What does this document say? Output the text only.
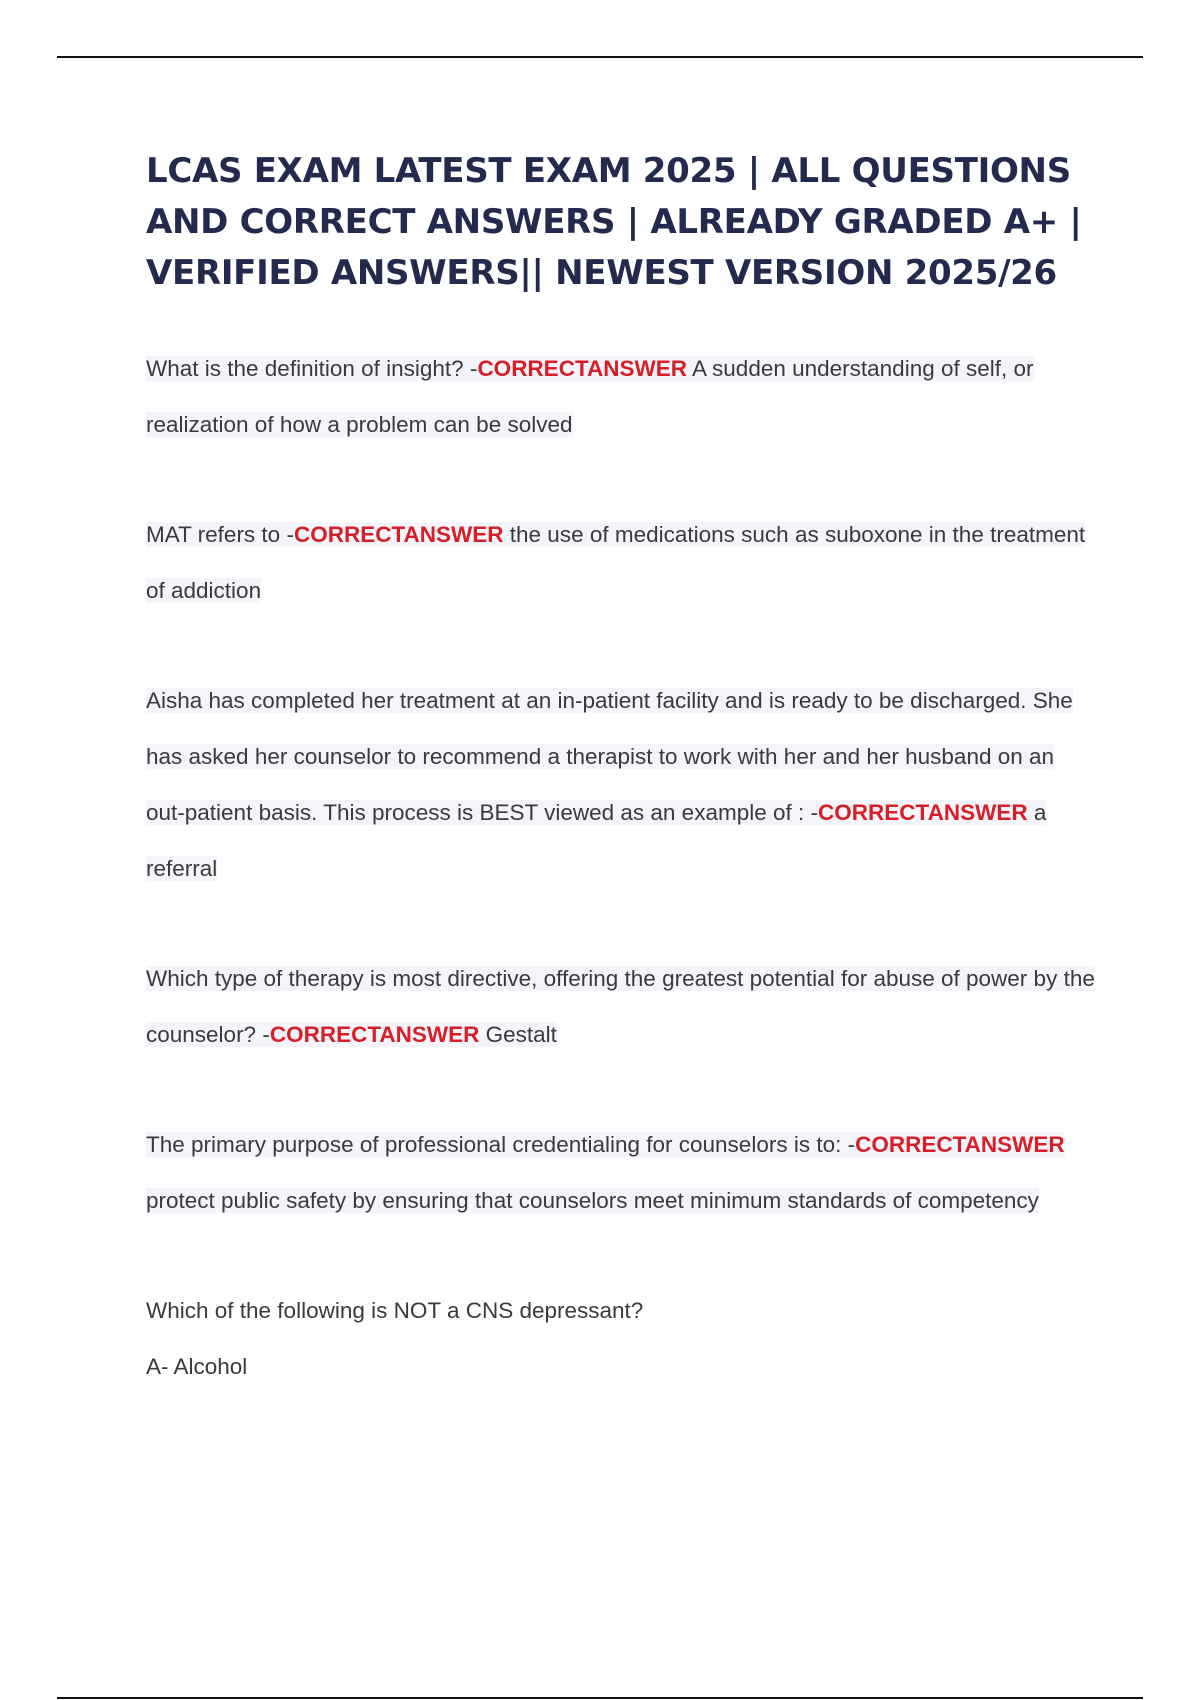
LCAS EXAM LATEST EXAM 2025 | ALL QUESTIONS AND CORRECT ANSWERS | ALREADY GRADED A+ | VERIFIED ANSWERS|| NEWEST VERSION 2025/26

What is the definition of insight? -CORRECTANSWER A sudden understanding of self, or realization of how a problem can be solved

MAT refers to -CORRECTANSWER the use of medications such as suboxone in the treatment of addiction

Aisha has completed her treatment at an in-patient facility and is ready to be discharged. She has asked her counselor to recommend a therapist to work with her and her husband on an out-patient basis. This process is BEST viewed as an example of : -CORRECTANSWER a referral

Which type of therapy is most directive, offering the greatest potential for abuse of power by the counselor? -CORRECTANSWER Gestalt

The primary purpose of professional credentialing for counselors is to: -CORRECTANSWER protect public safety by ensuring that counselors meet minimum standards of competency

Which of the following is NOT a CNS depressant?
A- Alcohol
